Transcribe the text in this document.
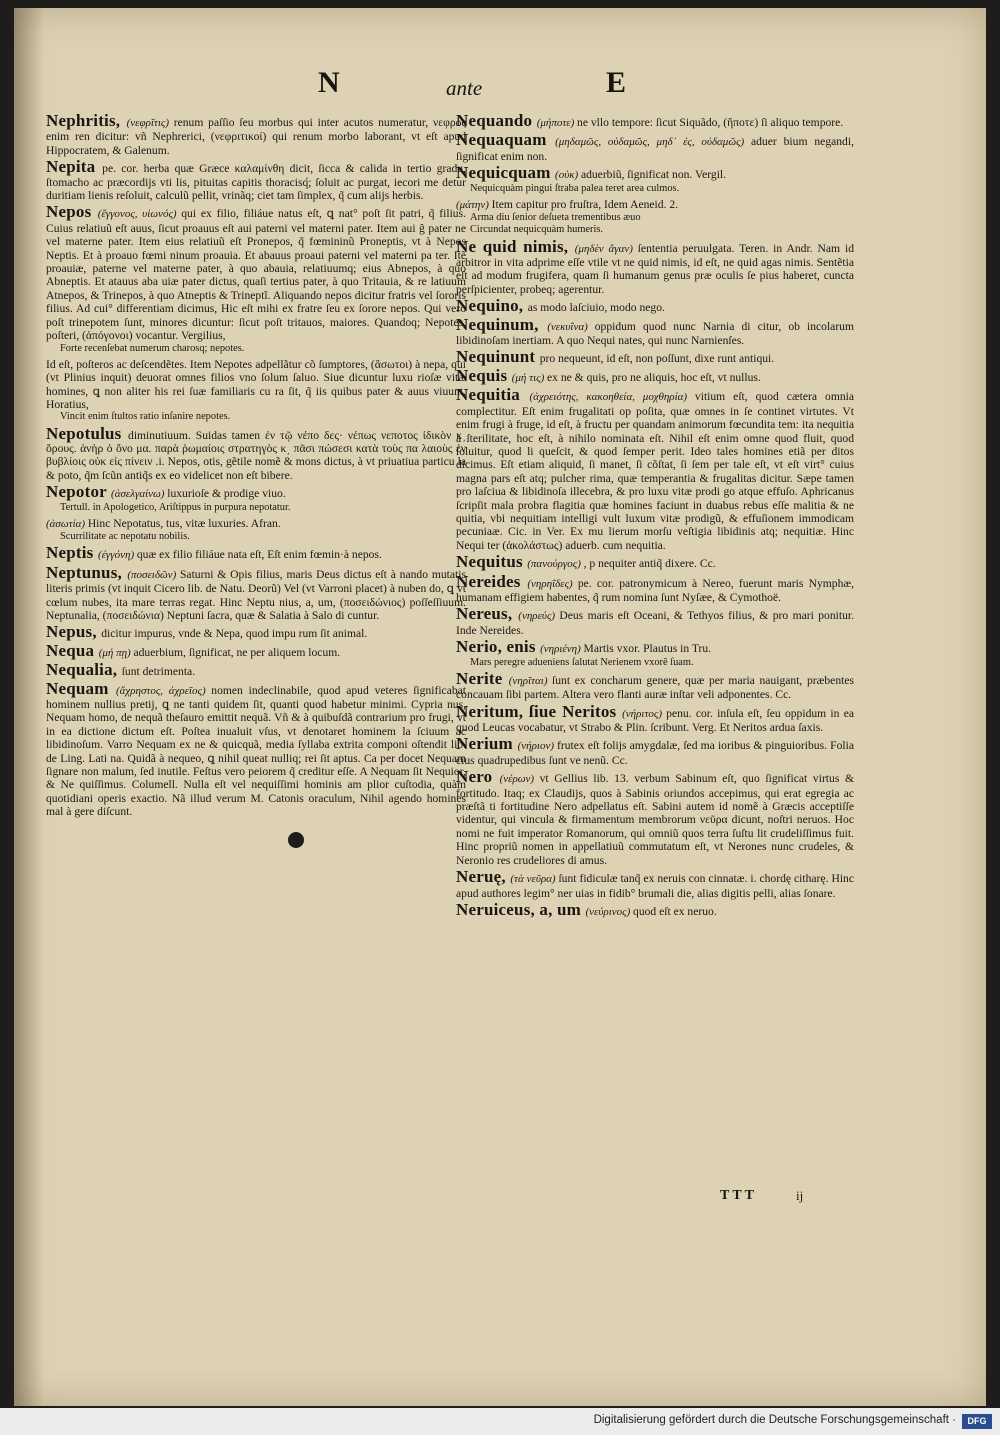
N	ante	E

Nephritis, (νεφρῖτις) renum paſſio ſeu morbus qui inter acutos numeratur, νεφρὸς enim ren dicitur: vñ Nephrerici, (νεφριτικοί) qui renum morbo laborant, vt eſt apud Hippocratem, & Galenum.

Nepita pe. cor. herba quæ Græce καλαμίνθη dicit, ſicca & calida in tertio gradu, ſtomacho ac præcordijs vti lis, pituitas capitis thoracisq́; ſoluit ac purgat, iecori me detur duritiam lienis reſoluit, calculũ pellit, vrinãq; ciet tam ſimplex, q̃ cum alijs herbis.

Nepos (ἔγγονος, υἱωνός) qui ex filio, filiáue natus eſt, ꝗ nat° poſt ſit patri, q̃ filius. Cuius relatiuũ eſt auus, ſicut proauus eſt aui paterni vel materni pater. Item aui ĝ pater ne vel materne pater. Item eius relatiuũ eſt Pronepos, q̃ fœmininũ Proneptis, vt à Nepos Neptis. Et à proauo fœmi ninum proauia. Et abauus proaui paterni vel materni pa ter. Itẽ proauiæ, paterne vel materne pater, à quo abauia, relatiuumq; eius Abnepos, à quo Abneptis. Et atauus aba uiæ pater dictus, quaſi tertius pater, à quo Tritauia, & re latiuum Atnepos, & Trinepos, à quo Atneptis & Trineptĩ. Aliquando nepos dicitur fratris vel ſororis filius. Ad cui° differentiam dicimus, Hic eſt mihi ex fratre ſeu ex ſorore nepos. Qui vero poſt trinepotem ſunt, minores dicuntur: ſicut poſt tritauos, maiores. Quandoq; Nepotes, poſteri, (ἀπόγονοι) vocantur. Vergilius,
Forte recenſebat numerum charosq; nepotes.

Id eſt, poſteros ac deſcendẽtes. Item Nepotes adpellãtur cõ ſumptores, (ἄσωτοι) à nepa, qui (vt Plinius inquit) deuorat omnes filios vno ſolum ſaluo. Siue dicuntur luxu rioſæ vitæ homines, ꝗ non aliter his rei ſuæ familiaris cu ra ſit, q̃ iis quibus pater & auus viuunt. Horatius,
Vincit enim ſtultos ratio inſanire nepotes.

Nepotulus diminutiuum. Suidas tamen ἐν τῷ νέπο δες· νέπως νεποτος ἰδικὸν κ͵ ὄρους. ἀνὴρ ὁ ὄνο μα. παρὰ ῥωμαίοις στρατηγὸς κ͵ πᾶσι πώσεσι κατὰ τοὺς πα λαιοὺς ἐν βυβλίοις οὐκ εἰς πίνειν .i. Nepos, otis, gẽtile nomẽ & mons dictus, à vt priuatiua particu la & poto, q̃m ſcũn antiq̃s ex eo videlicet non eſt bibere.

Nepotor (ἀσελγαίνω) luxurioſe & prodige viuo.
Tertull. in Apologetico, Ariſtippus in purpura nepotatur.

(ἀσωτία) Hinc Nepotatus, tus, vitæ luxuries. Afran.
Scurrilitate ac nepotatu nobilis.

Neptis (ἐγγόνη) quæ ex filio filiáue nata eſt, Eſt enim fœmin·à nepos.

Neptunus, (ποσειδῶν) Saturni & Opis filius, maris Deus dictus eſt à nando mutatis literis primis (vt inquit Cicero lib. de Natu. Deorũ) Vel (vt Varroni placet) à nuben do, ꝗ vt cœlum nubes, ita mare terras regat. Hinc Neptu nius, a, um, (ποσειδώνιος) poſſeſſiuum. Neptunalia, (ποσειδώνια) Neptuni ſacra, quæ & Salatia à Salo di cuntur.

Nepus, dicitur impurus, vnde & Nepa, quod impu rum ſit animal.

Nequa (μή πῃ) aduerbium, ſignificat, ne per aliquem locum.

Nequalia, ſunt detrimenta.

Nequam (ἄχρηστος, ἀχρεῖος) nomen indeclinabile, quod apud veteres ſignificabat hominem nullius pretij, ꝗ ne tanti quidem ſit, quanti quod habetur minimi. Cypria nus, Nequam homo, de nequã theſauro emittit nequã. Vñ & à quibuſdã contrarium pro frugi, vt in ea dictione dictum eſt. Poſtea inualuit vſus, vt denotaret hominem la ſciuum ac libidinoſum. Varro Nequam ex ne & quicquã, media ſyllaba extrita componi oſtendit lib. de Ling. Lati na. Quidã à nequeo, ꝗ nihil queat nulliq; rei ſit aptus. Ca per docet Nequam ſignare non malum, ſed inutile. Feſtus vero peiorem q̃ creditur eſſe. A Nequam ſit Nequior, & Ne quiſſimus. Columell. Nulla eſt vel nequiſſimi hominis am plior cuſtodia, quàm quotidiani operis exactio. Nã illud verum M. Catonis oraculum, Nihil agendo homines mal à gere diſcunt.

Nequando (μήποτε) ne vllo tempore: ſicut Siquãdo, (ἤποτε) ſi aliquo tempore.

Nequaquam (μηδαμῶς, οὐδαμῶς, μηδ᾽ ἐς, οὐδαμῶς) aduer bium negandi, ſignificat enim non.

Nequicquam (οὐκ) aduerbiũ, ſignificat non. Vergil.
Nequicquàm pingui ſtraba palea teret area culmos.

(μάτην) Item capitur pro fruſtra, Idem Aeneid. 2.
Arma diu ſenior deſueta trementibus æuo
Circundat nequicquàm humeris.

Ne quid nimis, (μηδὲν ἄγαν) ſententia peruulgata. Teren. in Andr. Nam id arbitror in vita adprime eſſe vtile vt ne quid nimis, id eſt, ne quid agas nimis. Sentẽtia eſt ad modum frugifera, quam ſi humanum genus præ oculis ſe pius haberet, cuncta perſpicienter, probeq; agerentur.

Nequino, as modo laſciuio, modo nego.

Nequinum, (νεκυΐνα) oppidum quod nunc Narnia di citur, ob incolarum libidinoſam inertiam. A quo Nequi nates, qui nunc Narnienſes.

Nequinunt pro nequeunt, id eſt, non poſſunt, dixe runt antiqui.

Nequis (μή τις) ex ne & quis, pro ne aliquis, hoc eſt, vt nullus.

Nequitia (ἀχρειότης, κακοηθεία, μοχθηρία) vitium eſt, quod cætera omnia complectitur. Eſt enim frugalitati op poſita, quæ omnes in ſe continet virtutes. Vt enim frugi à fruge, id eſt, à fructu per quandam animorum fœcundita tem: ita nequitia à ſterilitate, hoc eſt, à nihilo nominata eſt. Nihil eſt enim omne quod fluit, quod ſoluitur, quod li queſcit, & quod ſemper perit. Ideo tales homines etiã per ditos dicimus. Eſt etiam aliquid, ſi manet, ſi cõſtat, ſi ſem per tale eſt, vt eſt virt° cuius magna pars eſt atq; pulcher rima, quæ temperantia & frugalitas dicitur. Sæpe tamen pro laſciua & libidinoſa illecebra, & pro luxu vitæ prodi go atque effuſo. Aphricanus ſcripſit mala probra flagitia quæ homines faciunt in duabus rebus eſſe malitia & ne quitia, vbi nequitiam intelligi vult luxum vitæ prodigũ, & effuſionem immodicam pecuniaæ. Cic. in Ver. Ex mu lierum morſu veſtigia libidinis atq; nequitiæ. Hinc Nequi ter (ἀκολάστως) aduerb. cum nequitia.

Nequitus (πανούργος) , p nequiter antiq̃ dixere. Cc.

Nereides (νηρηΐδες) pe. cor. patronymicum à Nereo, fuerunt maris Nymphæ, humanam effigiem habentes, q̃ rum nomina ſunt Nyſæe, & Cymothoë.

Nereus, (νηρεύς) Deus maris eſt Oceani, & Tethyos filius, & pro mari ponitur. Inde Nereides.

Nerio, enis (νηριένη) Martis vxor. Plautus in Tru.
Mars peregre adueniens ſalutat Nerienem vxorẽ ſuam.

Nerite (νηρῖται) ſunt ex concharum genere, quæ per maria nauigant, præbentes concauam ſibi partem. Altera vero flanti auræ inſtar veli adponentes. Cc.

Neritum, ſiue Neritos (νήριτος) penu. cor. inſula eſt, ſeu oppidum in ea quod Leucas vocabatur, vt Strabo & Plin. ſcribunt. Verg. Et Neritos ardua ſaxis.

Nerium (νήριον) frutex eſt folijs amygdalæ, ſed ma ioribus & pinguioribus. Folia cius quadrupedibus ſunt ve nenũ. Cc.

Nero (νέρων) vt Gellius lib. 13. verbum Sabinum eſt, quo ſignificat virtus & fortitudo. Itaq; ex Claudijs, quos à Sabinis oriundos accepimus, qui erat egregia ac præſtã ti fortitudine Nero adpellatus eſt. Sabini autem id nomẽ à Græcis acceptiſſe videntur, qui vincula & firmamentum membrorum νεῦρα dicunt, noſtri neruos. Hoc nomi ne fuit imperator Romanorum, qui omniũ quos terra ſuſtu lit crudeliſſimus fuit. Hinc propriũ nomen in appellatiuũ commutatum eſt, vt Nerones nunc crudeles, & Neronio res crudeliores di amus.

Neruę, (τὰ νεῦρα) ſunt fidiculæ tanq̃ ex neruis con cinnatæ. i. chordę citharę. Hinc apud authores legim° ner uias in fidib° brumali die, alias digitis pelli, alias ſonare.

Neruiceus, a, um (νεύρινος) quod eſt ex neruo.

TTT	ij
Digitalisierung gefördert durch die Deutsche Forschungsgemeinschaft ·	DFG
